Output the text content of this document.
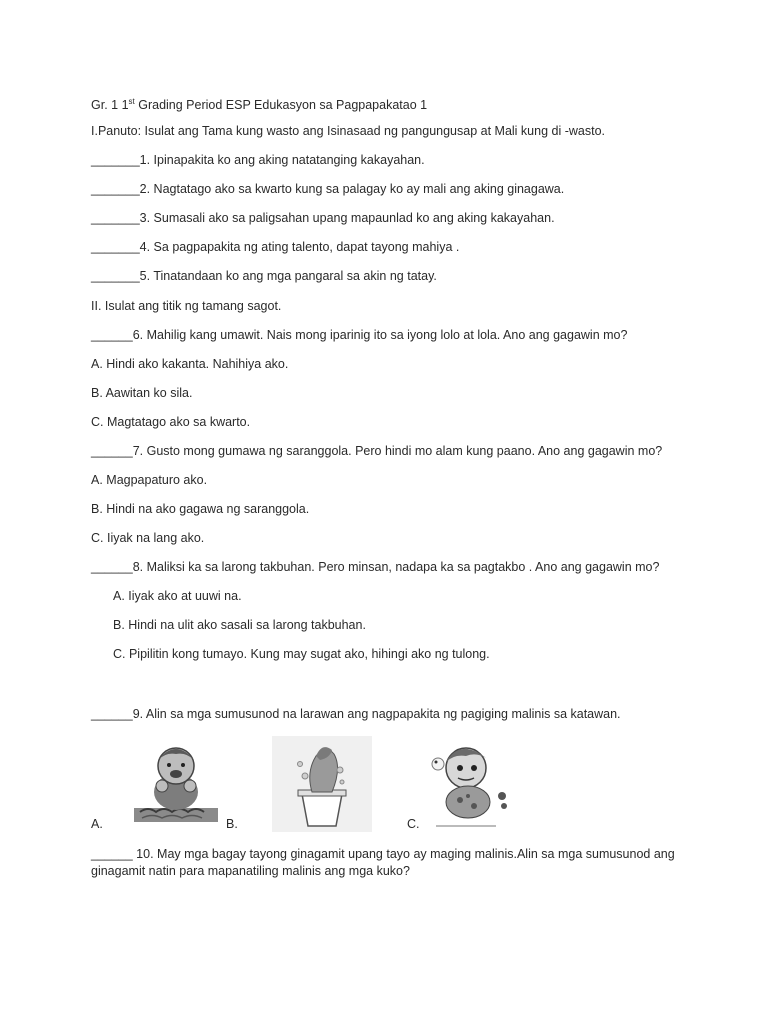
Gr. 1 1st Grading Period ESP Edukasyon sa Pagpapakatao 1
I.Panuto: Isulat ang Tama kung wasto ang Isinasaad ng pangungusap at Mali kung di -wasto.
_______1. Ipinapakita ko ang aking natatanging kakayahan.
_______2. Nagtatago ako sa kwarto kung sa palagay ko ay mali ang aking ginagawa.
_______3. Sumasali ako sa paligsahan upang mapaunlad ko ang aking kakayahan.
_______4. Sa pagpapakita ng ating talento, dapat tayong mahiya .
_______5. Tinatandaan ko ang mga pangaral sa akin ng tatay.
II. Isulat ang titik ng tamang sagot.
______6. Mahilig kang umawit. Nais mong iparinig ito sa iyong lolo at lola. Ano ang gagawin mo?
A. Hindi ako kakanta. Nahihiya ako.
B. Aawitan ko sila.
C. Magtatago ako sa kwarto.
______7. Gusto mong gumawa ng saranggola. Pero hindi mo alam kung paano. Ano ang gagawin mo?
A. Magpapaturo ako.
B. Hindi na ako gagawa ng saranggola.
C. Iiyak na lang ako.
______8. Maliksi ka sa larong takbuhan. Pero minsan, nadapa ka sa pagtakbo . Ano ang gagawin mo?
A. Iiyak ako at uuwi na.
B. Hindi na ulit ako sasali sa larong takbuhan.
C. Pipilitin kong tumayo. Kung may sugat ako, hihingi ako ng tulong.
______9. Alin sa mga sumusunod na larawan ang nagpapakita ng pagiging malinis sa katawan.
A.	B.	C.
______ 10. May mga bagay tayong ginagamit upang tayo ay maging malinis.Alin sa mga sumusunod ang ginagamit natin para mapanatiling malinis ang mga kuko?
